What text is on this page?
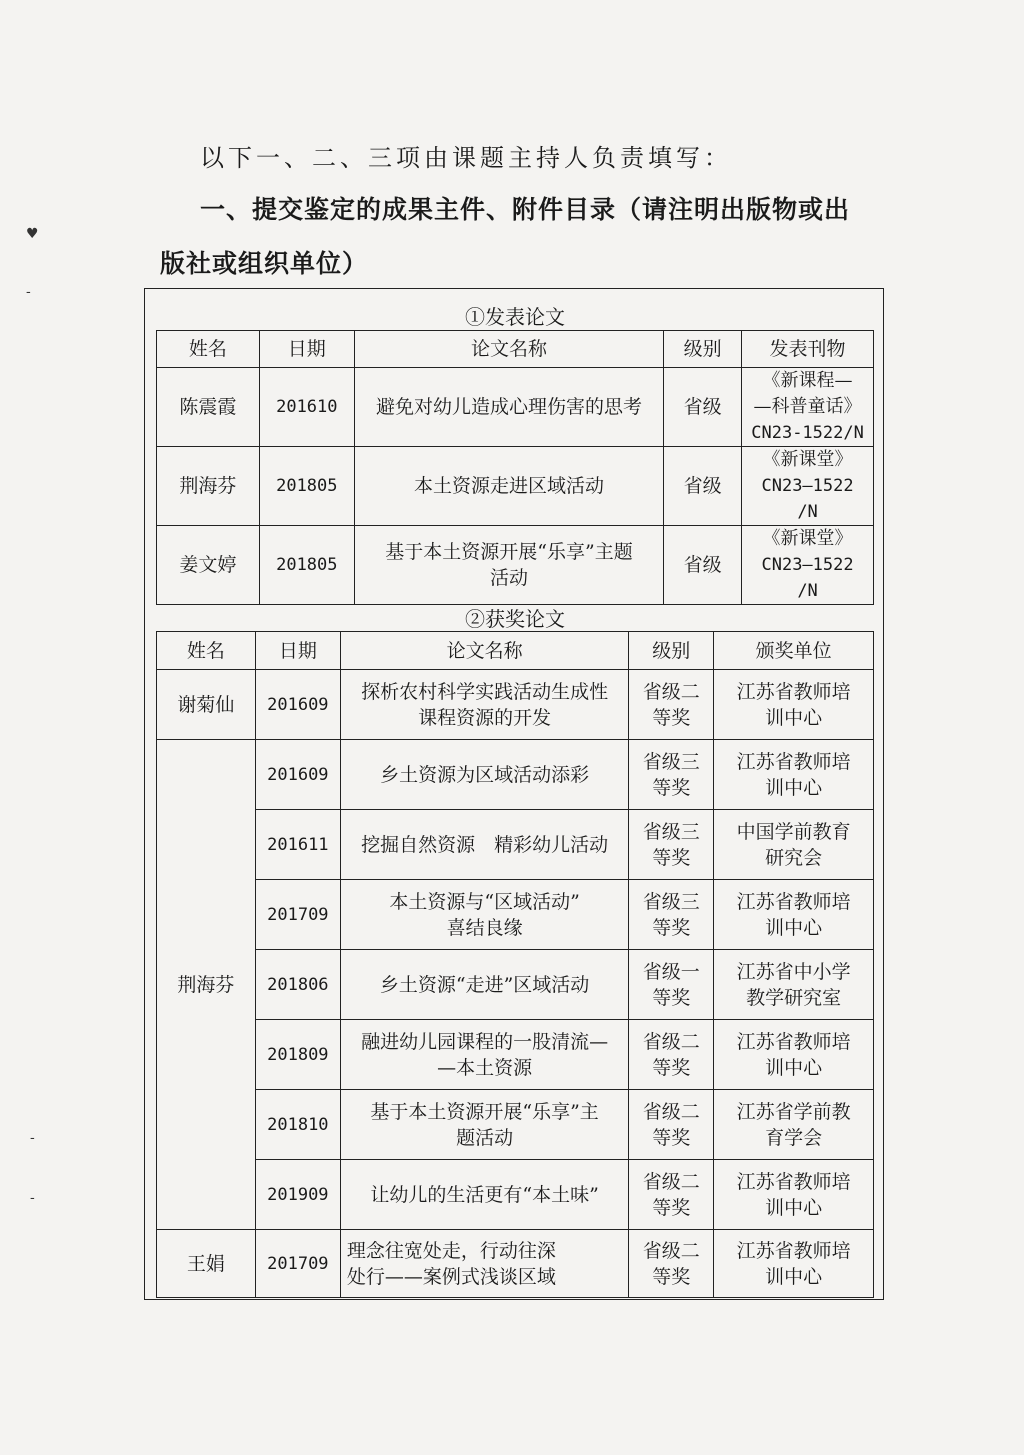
♥
-
以下一、二、三项由课题主持人负责填写：
一、提交鉴定的成果主件、附件目录（请注明出版物或出
版社或组织单位）
①发表论文
姓名	日期	论文名称	级别	发表刊物
陈震霞	201610	避免对幼儿造成心理伤害的思考	省级	《新课程—
—科普童话》
CN23-1522/N

荆海芬	201805	本土资源走进区域活动	省级	《新课堂》
CN23—1522
/N

姜文婷	201805	基于本土资源开展“乐享”主题
活动	省级	《新课堂》
CN23—1522
/N
②获奖论文
姓名	日期	论文名称	级别	颁奖单位
谢菊仙	201609	探析农村科学实践活动生成性
课程资源的开发	省级二
等奖	江苏省教师培
训中心

荆海芬	201609	乡土资源为区域活动添彩	省级三
等奖	江苏省教师培
训中心

	201611	挖掘自然资源　精彩幼儿活动	省级三
等奖	中国学前教育
研究会

	201709	本土资源与“区域活动”
喜结良缘	省级三
等奖	江苏省教师培
训中心

	201806	乡土资源“走进”区域活动	省级一
等奖	江苏省中小学
教学研究室

	201809	融进幼儿园课程的一股清流—
—本土资源	省级二
等奖	江苏省教师培
训中心

	201810	基于本土资源开展“乐享”主
题活动	省级二
等奖	江苏省学前教
育学会

	201909	让幼儿的生活更有“本土味”	省级二
等奖	江苏省教师培
训中心

王娟	201709	理念往宽处走，行动往深
处行——案例式浅谈区域	省级二
等奖	江苏省教师培
训中心
-
-
